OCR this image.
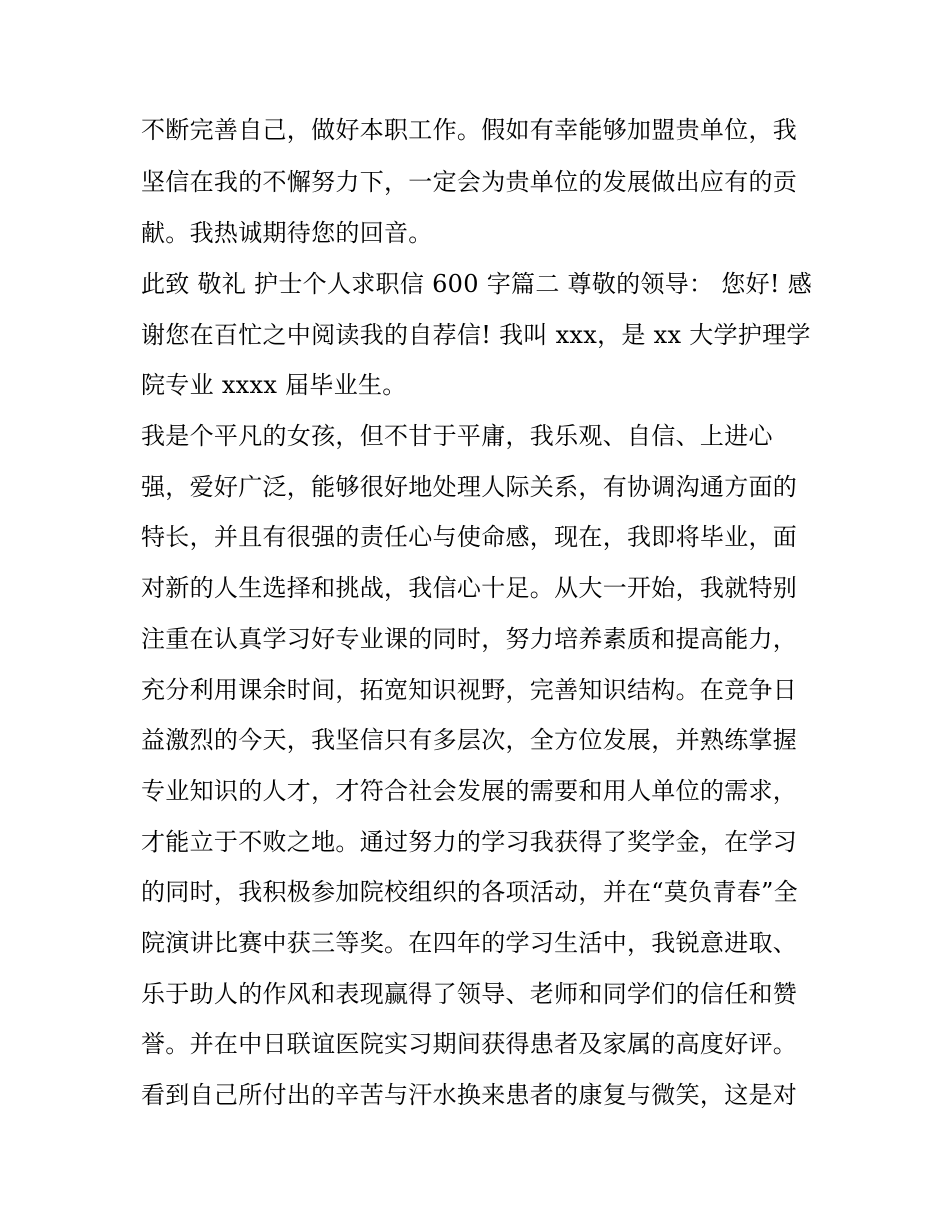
不断完善自己，做好本职工作。假如有幸能够加盟贵单位，我
坚信在我的不懈努力下，一定会为贵单位的发展做出应有的贡
献。我热诚期待您的回音。
此致 敬礼 护士个人求职信 600 字篇二 尊敬的领导： 您好! 感
谢您在百忙之中阅读我的自荐信! 我叫 xxx，是 xx 大学护理学
院专业 xxxx 届毕业生。
我是个平凡的女孩，但不甘于平庸，我乐观、自信、上进心
强，爱好广泛，能够很好地处理人际关系，有协调沟通方面的
特长，并且有很强的责任心与使命感，现在，我即将毕业，面
对新的人生选择和挑战，我信心十足。从大一开始，我就特别
注重在认真学习好专业课的同时，努力培养素质和提高能力，
充分利用课余时间，拓宽知识视野，完善知识结构。在竞争日
益激烈的今天，我坚信只有多层次，全方位发展，并熟练掌握
专业知识的人才，才符合社会发展的需要和用人单位的需求，
才能立于不败之地。通过努力的学习我获得了奖学金，在学习
的同时，我积极参加院校组织的各项活动，并在“莫负青春”全
院演讲比赛中获三等奖。在四年的学习生活中，我锐意进取、
乐于助人的作风和表现赢得了领导、老师和同学们的信任和赞
誉。并在中日联谊医院实习期间获得患者及家属的高度好评。
看到自己所付出的辛苦与汗水换来患者的康复与微笑，这是对
